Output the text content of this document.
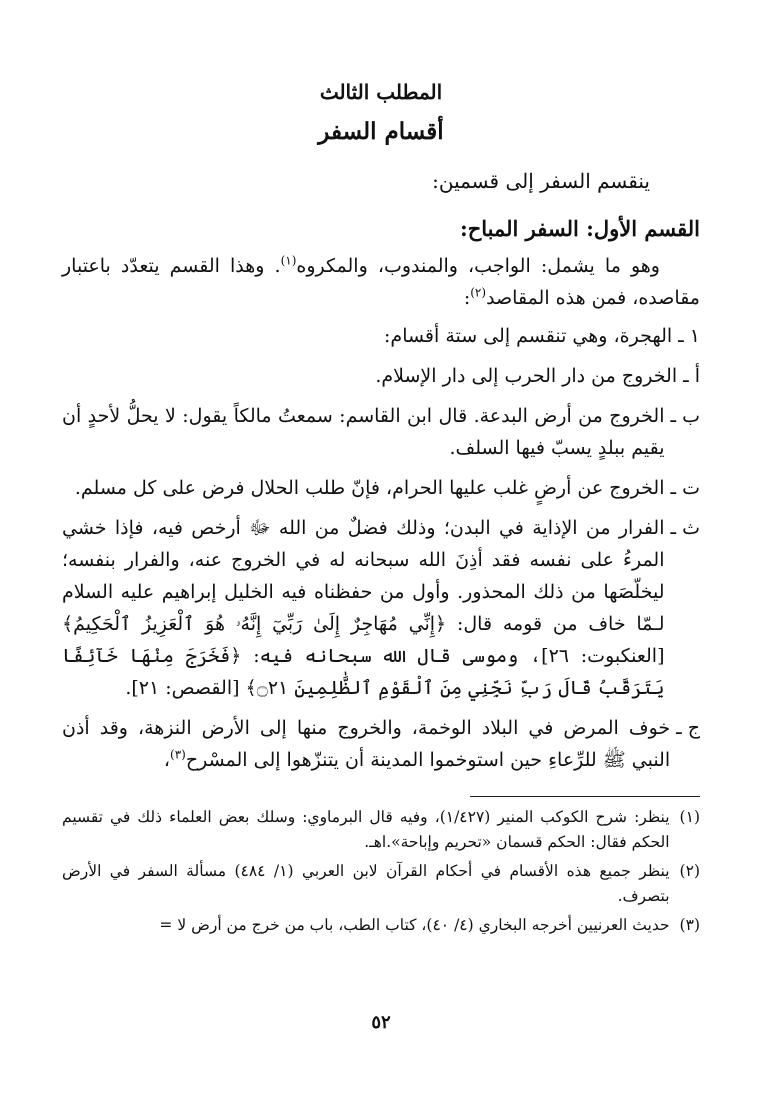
المطلب الثالث
أقسام السفر
ينقسم السفر إلى قسمين:
القسم الأول: السفر المباح:
وهو ما يشمل: الواجب، والمندوب، والمكروه$^{(١)}$. وهذا القسم يتعدّد باعتبار مقاصده، فمن هذه المقاصد$^{(٢)}$:
١ ـ
الهجرة، وهي تنقسم إلى ستة أقسام:
أ ـ
الخروج من دار الحرب إلى دار الإسلام.
ب ـ
الخروج من أرض البدعة. قال ابن القاسم: سمعتُ مالكاً يقول: لا يحلُّ لأحدٍ أن يقيم ببلدٍ يسبّ فيها السلف.
ت ـ
الخروج عن أرضٍ غلب عليها الحرام، فإنّ طلب الحلال فرض على كل مسلم.
ث ـ
الفرار من الإذاية في البدن؛ وذلك فضلٌ من الله ﷻ أرخص فيه، فإذا خشي المرءُ على نفسه فقد أذِنَ الله سبحانه له في الخروج عنه، والفرار بنفسه؛ ليخلّصَها من ذلك المحذور. وأول من حفظناه فيه الخليل إبراهيم عليه السلام لـمّا خاف من قومه قال: ﴿إِنِّي مُهَاجِرٌ إِلَىٰ رَبِّيٓ إِنَّهُۥ هُوَ ٱلْعَزِيزُ ٱلْحَكِيمُ﴾ [العنكبوت: ٢٦]، وموسى قال الله سبحانه فيه: ﴿فَخَرَجَ مِنْهَا خَآئِفًا يَتَرَقَّبُ قَالَ رَبِّ نَجِّنِي مِنَ ٱلْقَوْمِ ٱلظَّٰلِمِينَ ۝٢١﴾ [القصص: ٢١].
ج ـ
خوف المرض في البلاد الوخمة، والخروج منها إلى الأرض النزهة، وقد أذن النبي ﷺ للرِّعاءِ حين استوخموا المدينة أن يتنزّهوا إلى المسْرح$^{(٣)}$،
(١)
ينظر: شرح الكوكب المنير (١/٤٢٧)، وفيه قال البرماوي: وسلك بعض العلماء ذلك في تقسيم الحكم فقال: الحكم قسمان «تحريم وإباحة».اهـ.
(٢)
ينظر جميع هذه الأقسام في أحكام القرآن لابن العربي (١/ ٤٨٤) مسألة السفر في الأرض بتصرف.
(٣)
حديث العرنيين أخرجه البخاري (٤/ ٤٠)، كتاب الطب، باب من خرج من أرض لا =
٥٢
